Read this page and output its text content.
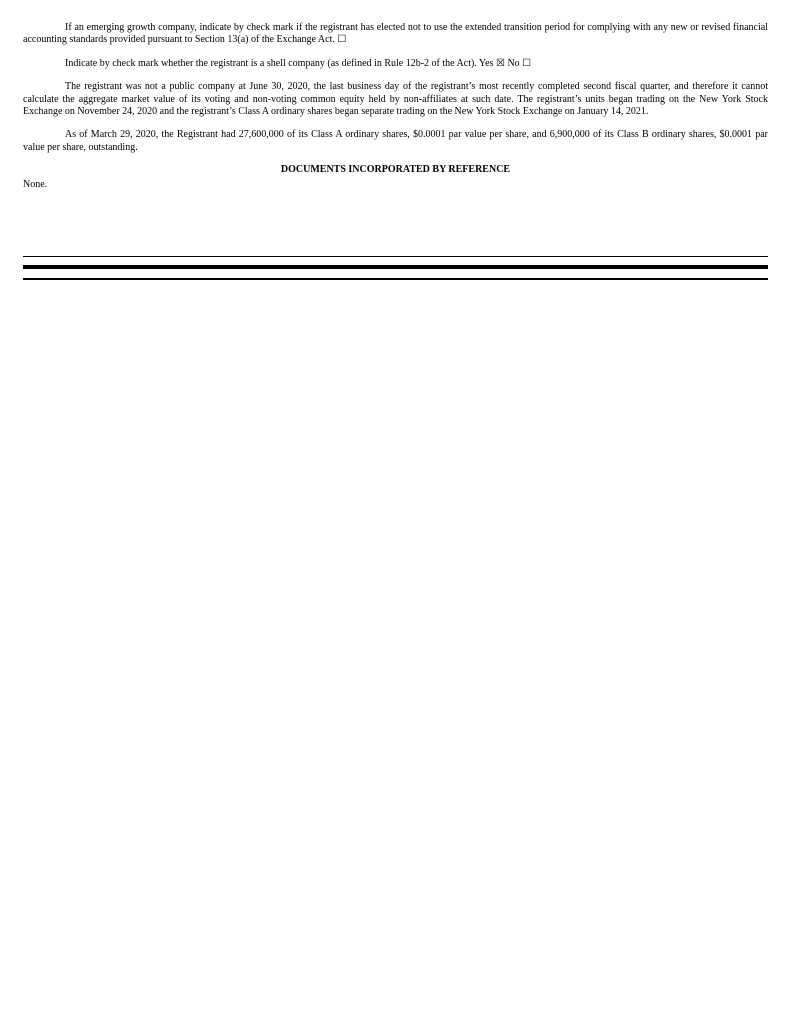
If an emerging growth company, indicate by check mark if the registrant has elected not to use the extended transition period for complying with any new or revised financial accounting standards provided pursuant to Section 13(a) of the Exchange Act. ☐

Indicate by check mark whether the registrant is a shell company (as defined in Rule 12b-2 of the Act). Yes ☒ No ☐

The registrant was not a public company at June 30, 2020, the last business day of the registrant’s most recently completed second fiscal quarter, and therefore it cannot calculate the aggregate market value of its voting and non-voting common equity held by non-affiliates at such date. The registrant’s units began trading on the New York Stock Exchange on November 24, 2020 and the registrant’s Class A ordinary shares began separate trading on the New York Stock Exchange on January 14, 2021.

As of March 29, 2020, the Registrant had 27,600,000 of its Class A ordinary shares, $0.0001 par value per share, and 6,900,000 of its Class B ordinary shares, $0.0001 par value per share, outstanding.

DOCUMENTS INCORPORATED BY REFERENCE
None.
